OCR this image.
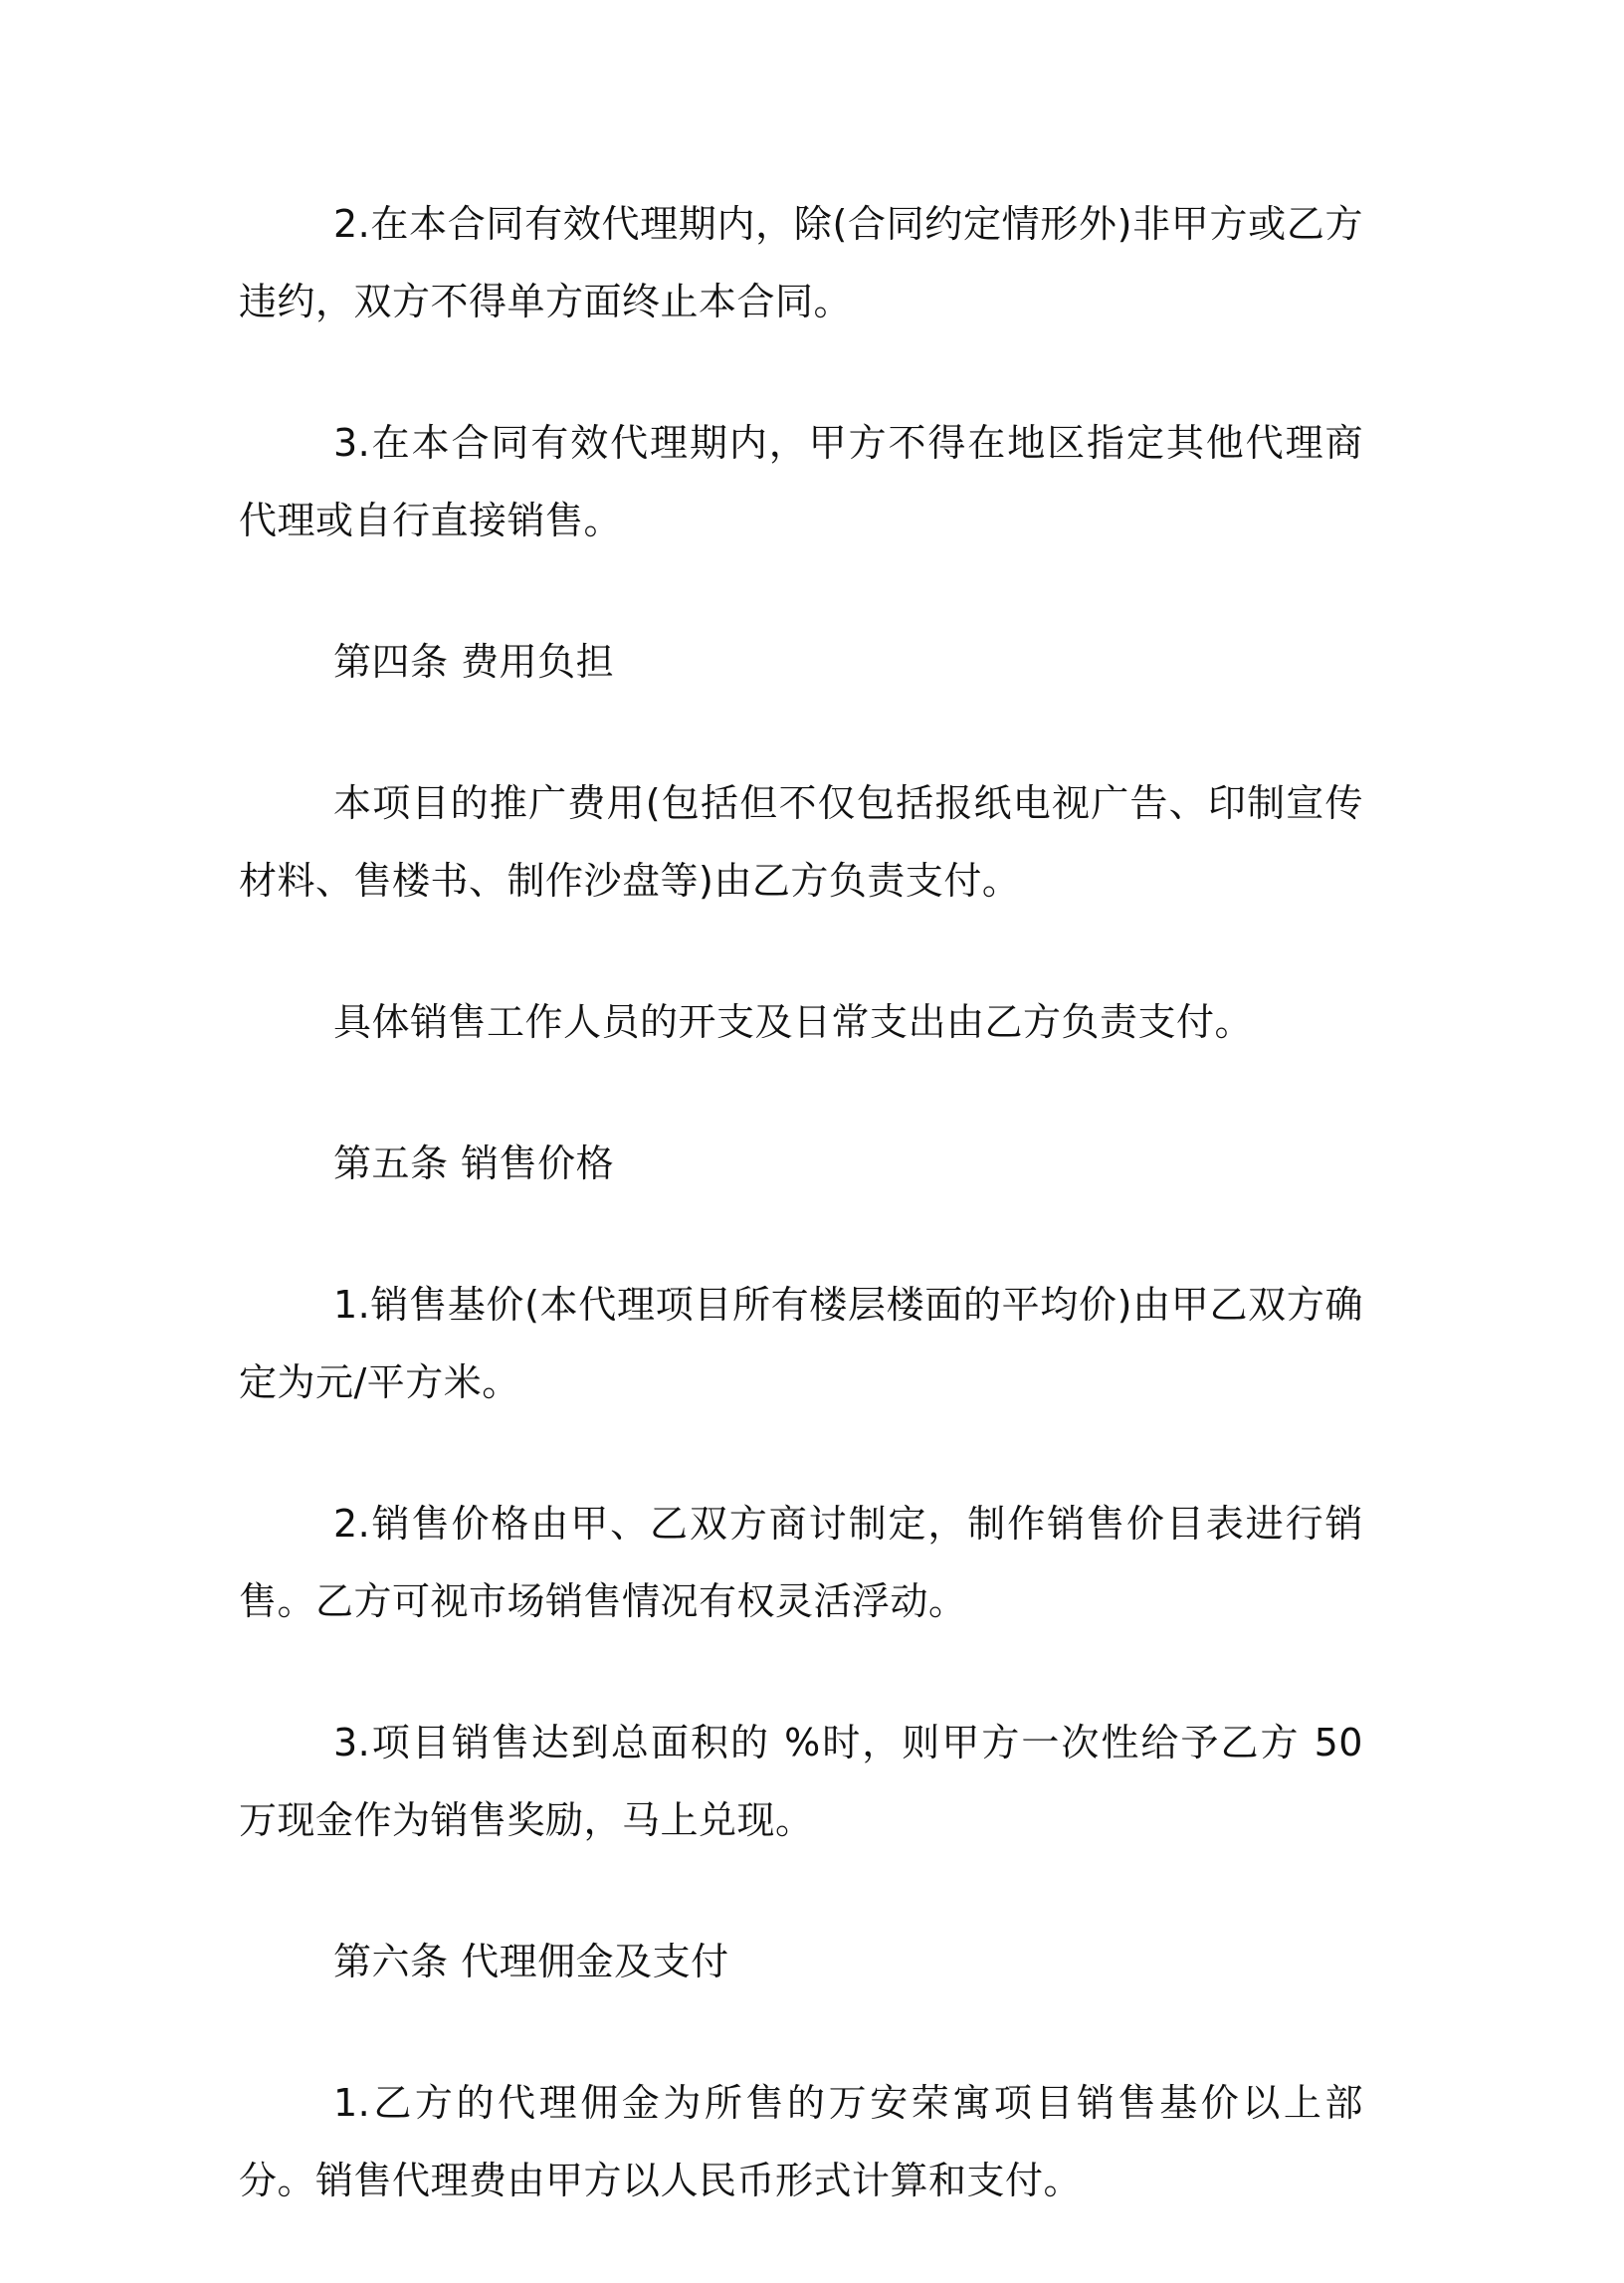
2.在本合同有效代理期内，除(合同约定情形外)非甲方或乙方违约，双方不得单方面终止本合同。

3.在本合同有效代理期内，甲方不得在地区指定其他代理商代理或自行直接销售。

第四条 费用负担

本项目的推广费用(包括但不仅包括报纸电视广告、印制宣传材料、售楼书、制作沙盘等)由乙方负责支付。

具体销售工作人员的开支及日常支出由乙方负责支付。

第五条 销售价格

1.销售基价(本代理项目所有楼层楼面的平均价)由甲乙双方确定为元/平方米。

2.销售价格由甲、乙双方商讨制定，制作销售价目表进行销售。乙方可视市场销售情况有权灵活浮动。

3.项目销售达到总面积的 %时，则甲方一次性给予乙方 50 万现金作为销售奖励，马上兑现。

第六条 代理佣金及支付

1.乙方的代理佣金为所售的万安荣寓项目销售基价以上部分。销售代理费由甲方以人民币形式计算和支付。
